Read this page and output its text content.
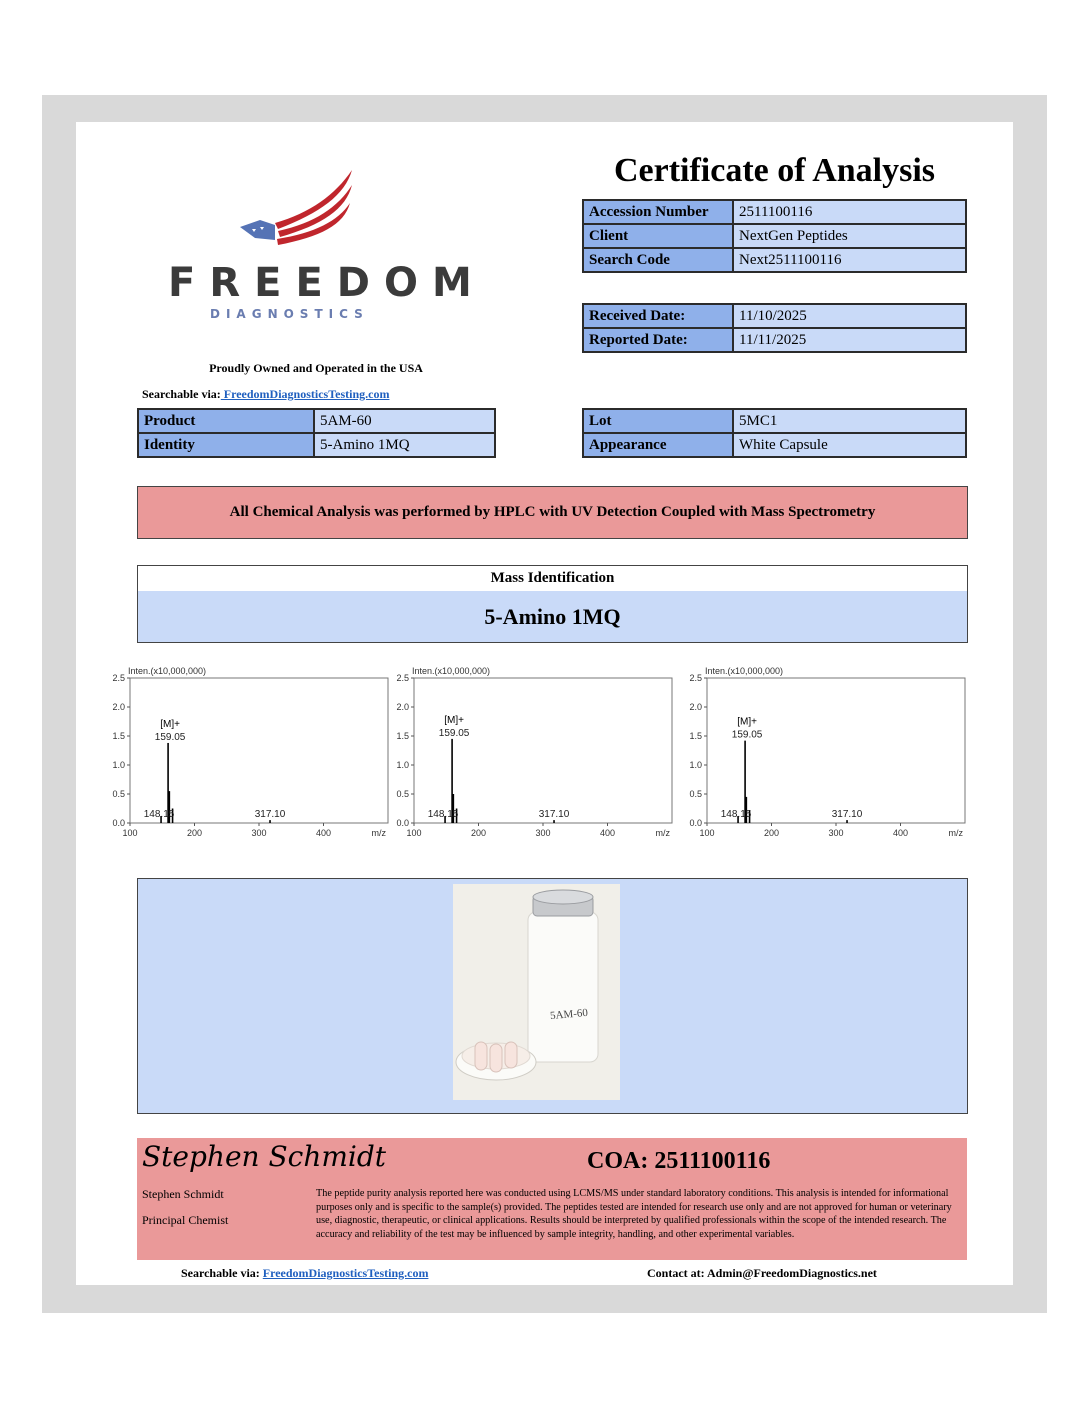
FREEDOM
DIAGNOSTICS
Proudly Owned and Operated in the USA
Searchable via: FreedomDiagnosticsTesting.com
Certificate of Analysis
Accession Number	2511100116
Client	NextGen Peptides
Search Code	Next2511100116
Received Date:	11/10/2025
Reported Date:	11/11/2025
Product	5AM-60
Identity	5-Amino 1MQ
Lot	5MC1
Appearance	White Capsule
All Chemical Analysis was performed by HPLC with UV Detection Coupled with Mass Spectrometry
Mass Identification
5-Amino 1MQ
Inten.(x10,000,000)
0.0
0.5
1.0
1.5
2.0
2.5
100	200	300	400	m/z
159.05
[M]+
148.15	317.10
Inten.(x10,000,000)
0.0
0.5
1.0
1.5
2.0
2.5
100	200	300	400	m/z
159.05
[M]+
148.15	317.10
Inten.(x10,000,000)
0.0
0.5
1.0
1.5
2.0
2.5
100	200	300	400	m/z
159.05
[M]+
148.15	317.10
5AM-60
Stephen Schmidt	COA: 2511100116
Stephen Schmidt
Principal Chemist
The peptide purity analysis reported here was conducted using LCMS/MS under standard laboratory conditions. This analysis is intended for informational purposes only and is specific to the sample(s) provided. The peptides tested are intended for research use only and are not approved for human or veterinary use, diagnostic, therapeutic, or clinical applications. Results should be interpreted by qualified professionals within the scope of the intended research. The accuracy and reliability of the test may be influenced by sample integrity, handling, and other experimental variables.
Searchable via: FreedomDiagnosticsTesting.com	Contact at: Admin@FreedomDiagnostics.net
